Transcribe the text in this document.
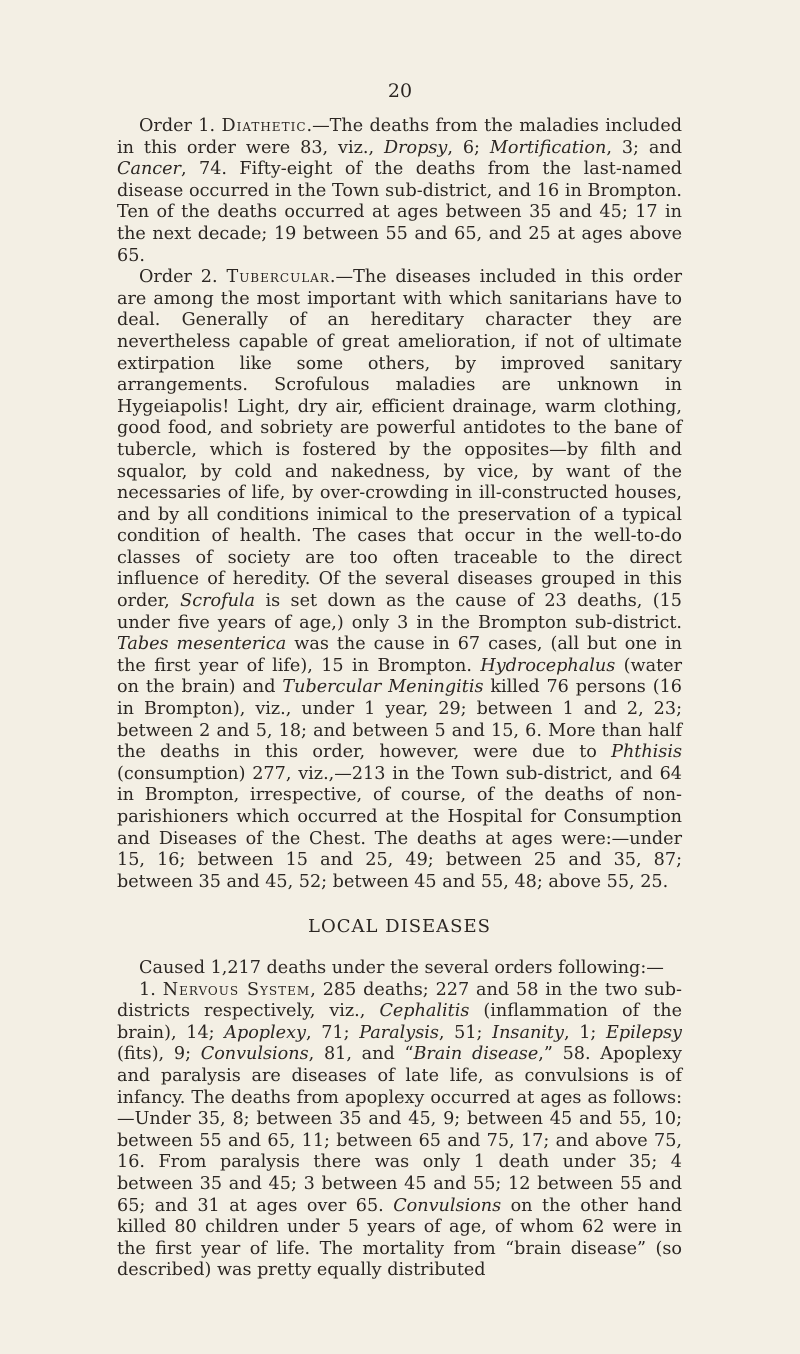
20

Order 1. Diathetic.—The deaths from the maladies included in this order were 83, viz., Dropsy, 6; Mortification, 3; and Cancer, 74. Fifty-eight of the deaths from the last-named disease occurred in the Town sub-district, and 16 in Brompton. Ten of the deaths occurred at ages between 35 and 45; 17 in the next decade; 19 between 55 and 65, and 25 at ages above 65.

Order 2. Tubercular.—The diseases included in this order are among the most important with which sanitarians have to deal. Generally of an hereditary character they are nevertheless capable of great amelioration, if not of ultimate extirpation like some others, by improved sanitary arrangements. Scrofulous maladies are unknown in Hygeiapolis! Light, dry air, efficient drainage, warm clothing, good food, and sobriety are powerful antidotes to the bane of tubercle, which is fostered by the opposites—by filth and squalor, by cold and nakedness, by vice, by want of the necessaries of life, by over-crowding in ill-constructed houses, and by all conditions inimical to the preservation of a typical condition of health. The cases that occur in the well-to-do classes of society are too often traceable to the direct influence of heredity. Of the several diseases grouped in this order, Scrofula is set down as the cause of 23 deaths, (15 under five years of age,) only 3 in the Brompton sub-district. Tabes mesenterica was the cause in 67 cases, (all but one in the first year of life), 15 in Brompton. Hydrocephalus (water on the brain) and Tubercular Meningitis killed 76 persons (16 in Brompton), viz., under 1 year, 29; between 1 and 2, 23; between 2 and 5, 18; and between 5 and 15, 6. More than half the deaths in this order, however, were due to Phthisis (consumption) 277, viz.,—213 in the Town sub-district, and 64 in Brompton, irrespective, of course, of the deaths of non-parishioners which occurred at the Hospital for Consumption and Diseases of the Chest. The deaths at ages were:—under 15, 16; between 15 and 25, 49; between 25 and 35, 87; between 35 and 45, 52; between 45 and 55, 48; above 55, 25.

LOCAL DISEASES

Caused 1,217 deaths under the several orders following:—

1. Nervous System, 285 deaths; 227 and 58 in the two sub-districts respectively, viz., Cephalitis (inflammation of the brain), 14; Apoplexy, 71; Paralysis, 51; Insanity, 1; Epilepsy (fits), 9; Convulsions, 81, and “Brain disease,” 58. Apoplexy and paralysis are diseases of late life, as convulsions is of infancy. The deaths from apoplexy occurred at ages as follows:—Under 35, 8; between 35 and 45, 9; between 45 and 55, 10; between 55 and 65, 11; between 65 and 75, 17; and above 75, 16. From paralysis there was only 1 death under 35; 4 between 35 and 45; 3 between 45 and 55; 12 between 55 and 65; and 31 at ages over 65. Convulsions on the other hand killed 80 children under 5 years of age, of whom 62 were in the first year of life. The mortality from “brain disease” (so described) was pretty equally distributed
